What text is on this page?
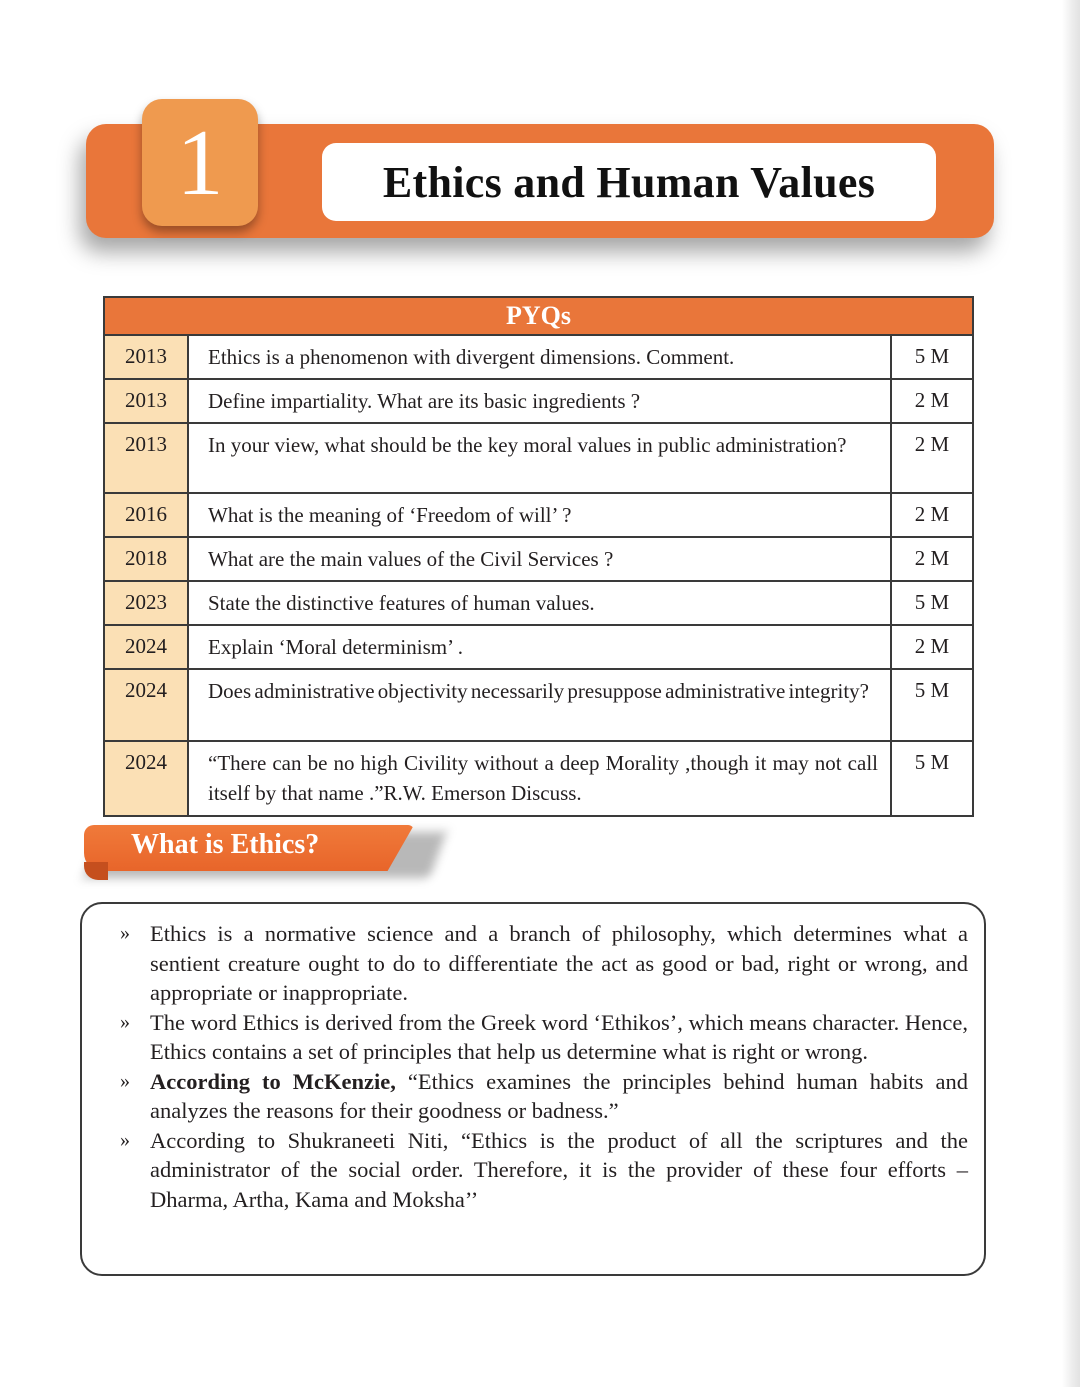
1	Ethics and Human Values
PYQs		
2013	Ethics is a phenomenon with divergent dimensions. Comment.	5 M
2013	Define impartiality. What are its basic ingredients ?	2 M
2013	In your view, what should be the key moral values in public administration?	2 M
2016	What is the meaning of ‘Freedom of will’ ?	2 M
2018	What are the main values of the Civil Services ?	2 M
2023	State the distinctive features of human values.	5 M
2024	Explain ‘Moral determinism’ .	2 M
2024	Does administrative objectivity necessarily presuppose administrative integrity?	5 M
2024	“There can be no high Civility without a deep Morality ,though it may not call itself by that name .”R.W. Emerson Discuss.	5 M
What is Ethics?
» Ethics is a normative science and a branch of philosophy, which determines what a sentient creature ought to do to differentiate the act as good or bad, right or wrong, and appropriate or inappropriate.
» The word Ethics is derived from the Greek word ‘Ethikos’, which means character. Hence, Ethics contains a set of principles that help us determine what is right or wrong.
» According to McKenzie, “Ethics examines the principles behind human habits and analyzes the reasons for their goodness or badness.”
» According to Shukraneeti Niti, “Ethics is the product of all the scriptures and the administrator of the social order. Therefore, it is the provider of these four efforts – Dharma, Artha, Kama and Moksha’’
